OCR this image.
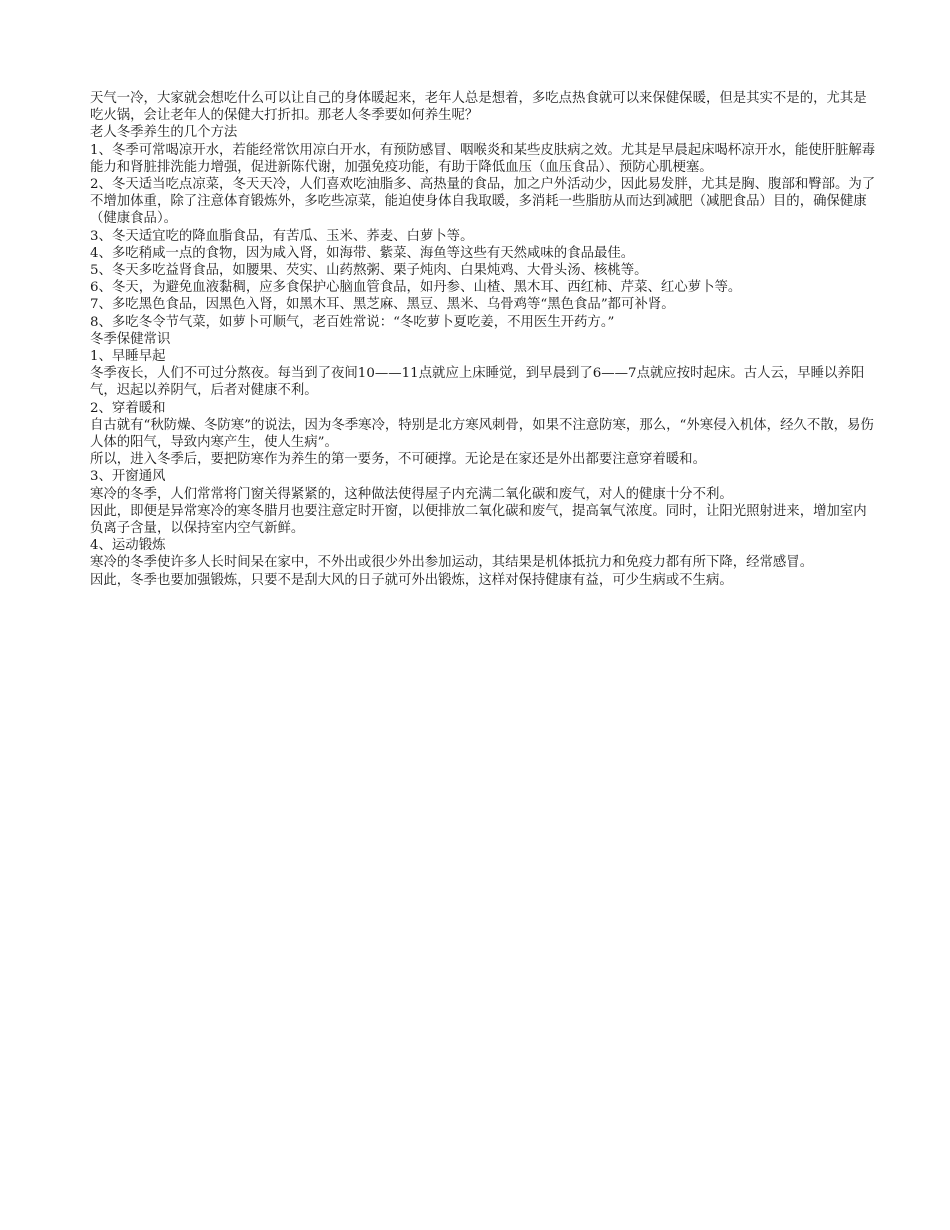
天气一冷，大家就会想吃什么可以让自己的身体暖起来，老年人总是想着，多吃点热食就可以来保健保暖，但是其实不是的，尤其是吃火锅，会让老年人的保健大打折扣。那老人冬季要如何养生呢？

老人冬季养生的几个方法

1、冬季可常喝凉开水，若能经常饮用凉白开水，有预防感冒、咽喉炎和某些皮肤病之效。尤其是早晨起床喝杯凉开水，能使肝脏解毒能力和肾脏排洗能力增强，促进新陈代谢，加强免疫功能，有助于降低血压（血压食品）、预防心肌梗塞。

2、冬天适当吃点凉菜，冬天天冷，人们喜欢吃油脂多、高热量的食品，加之户外活动少，因此易发胖，尤其是胸、腹部和臀部。为了不增加体重，除了注意体育锻炼外，多吃些凉菜，能迫使身体自我取暖，多消耗一些脂肪从而达到减肥（减肥食品）目的，确保健康（健康食品）。

3、冬天适宜吃的降血脂食品，有苦瓜、玉米、荞麦、白萝卜等。

4、多吃稍咸一点的食物，因为咸入肾，如海带、紫菜、海鱼等这些有天然咸味的食品最佳。

5、冬天多吃益肾食品，如腰果、芡实、山药熬粥、栗子炖肉、白果炖鸡、大骨头汤、核桃等。

6、冬天，为避免血液黏稠，应多食保护心脑血管食品，如丹参、山楂、黑木耳、西红柿、芹菜、红心萝卜等。

7、多吃黑色食品，因黑色入肾，如黑木耳、黑芝麻、黑豆、黑米、乌骨鸡等“黑色食品”都可补肾。

8、多吃冬令节气菜，如萝卜可顺气，老百姓常说：“冬吃萝卜夏吃姜，不用医生开药方。”

冬季保健常识

1、早睡早起

冬季夜长，人们不可过分熬夜。每当到了夜间10——11点就应上床睡觉，到早晨到了6——7点就应按时起床。古人云，早睡以养阳气，迟起以养阴气，后者对健康不利。

2、穿着暖和

自古就有“秋防燥、冬防寒”的说法，因为冬季寒冷，特别是北方寒风刺骨，如果不注意防寒，那么，“外寒侵入机体，经久不散，易伤人体的阳气，导致内寒产生，使人生病”。

所以，进入冬季后，要把防寒作为养生的第一要务，不可硬撑。无论是在家还是外出都要注意穿着暖和。

3、开窗通风

寒冷的冬季，人们常常将门窗关得紧紧的，这种做法使得屋子内充满二氧化碳和废气，对人的健康十分不利。

因此，即便是异常寒冷的寒冬腊月也要注意定时开窗，以便排放二氧化碳和废气，提高氧气浓度。同时，让阳光照射进来，增加室内负离子含量，以保持室内空气新鲜。

4、运动锻炼

寒冷的冬季使许多人长时间呆在家中，不外出或很少外出参加运动，其结果是机体抵抗力和免疫力都有所下降，经常感冒。

因此，冬季也要加强锻炼，只要不是刮大风的日子就可外出锻炼，这样对保持健康有益，可少生病或不生病。
